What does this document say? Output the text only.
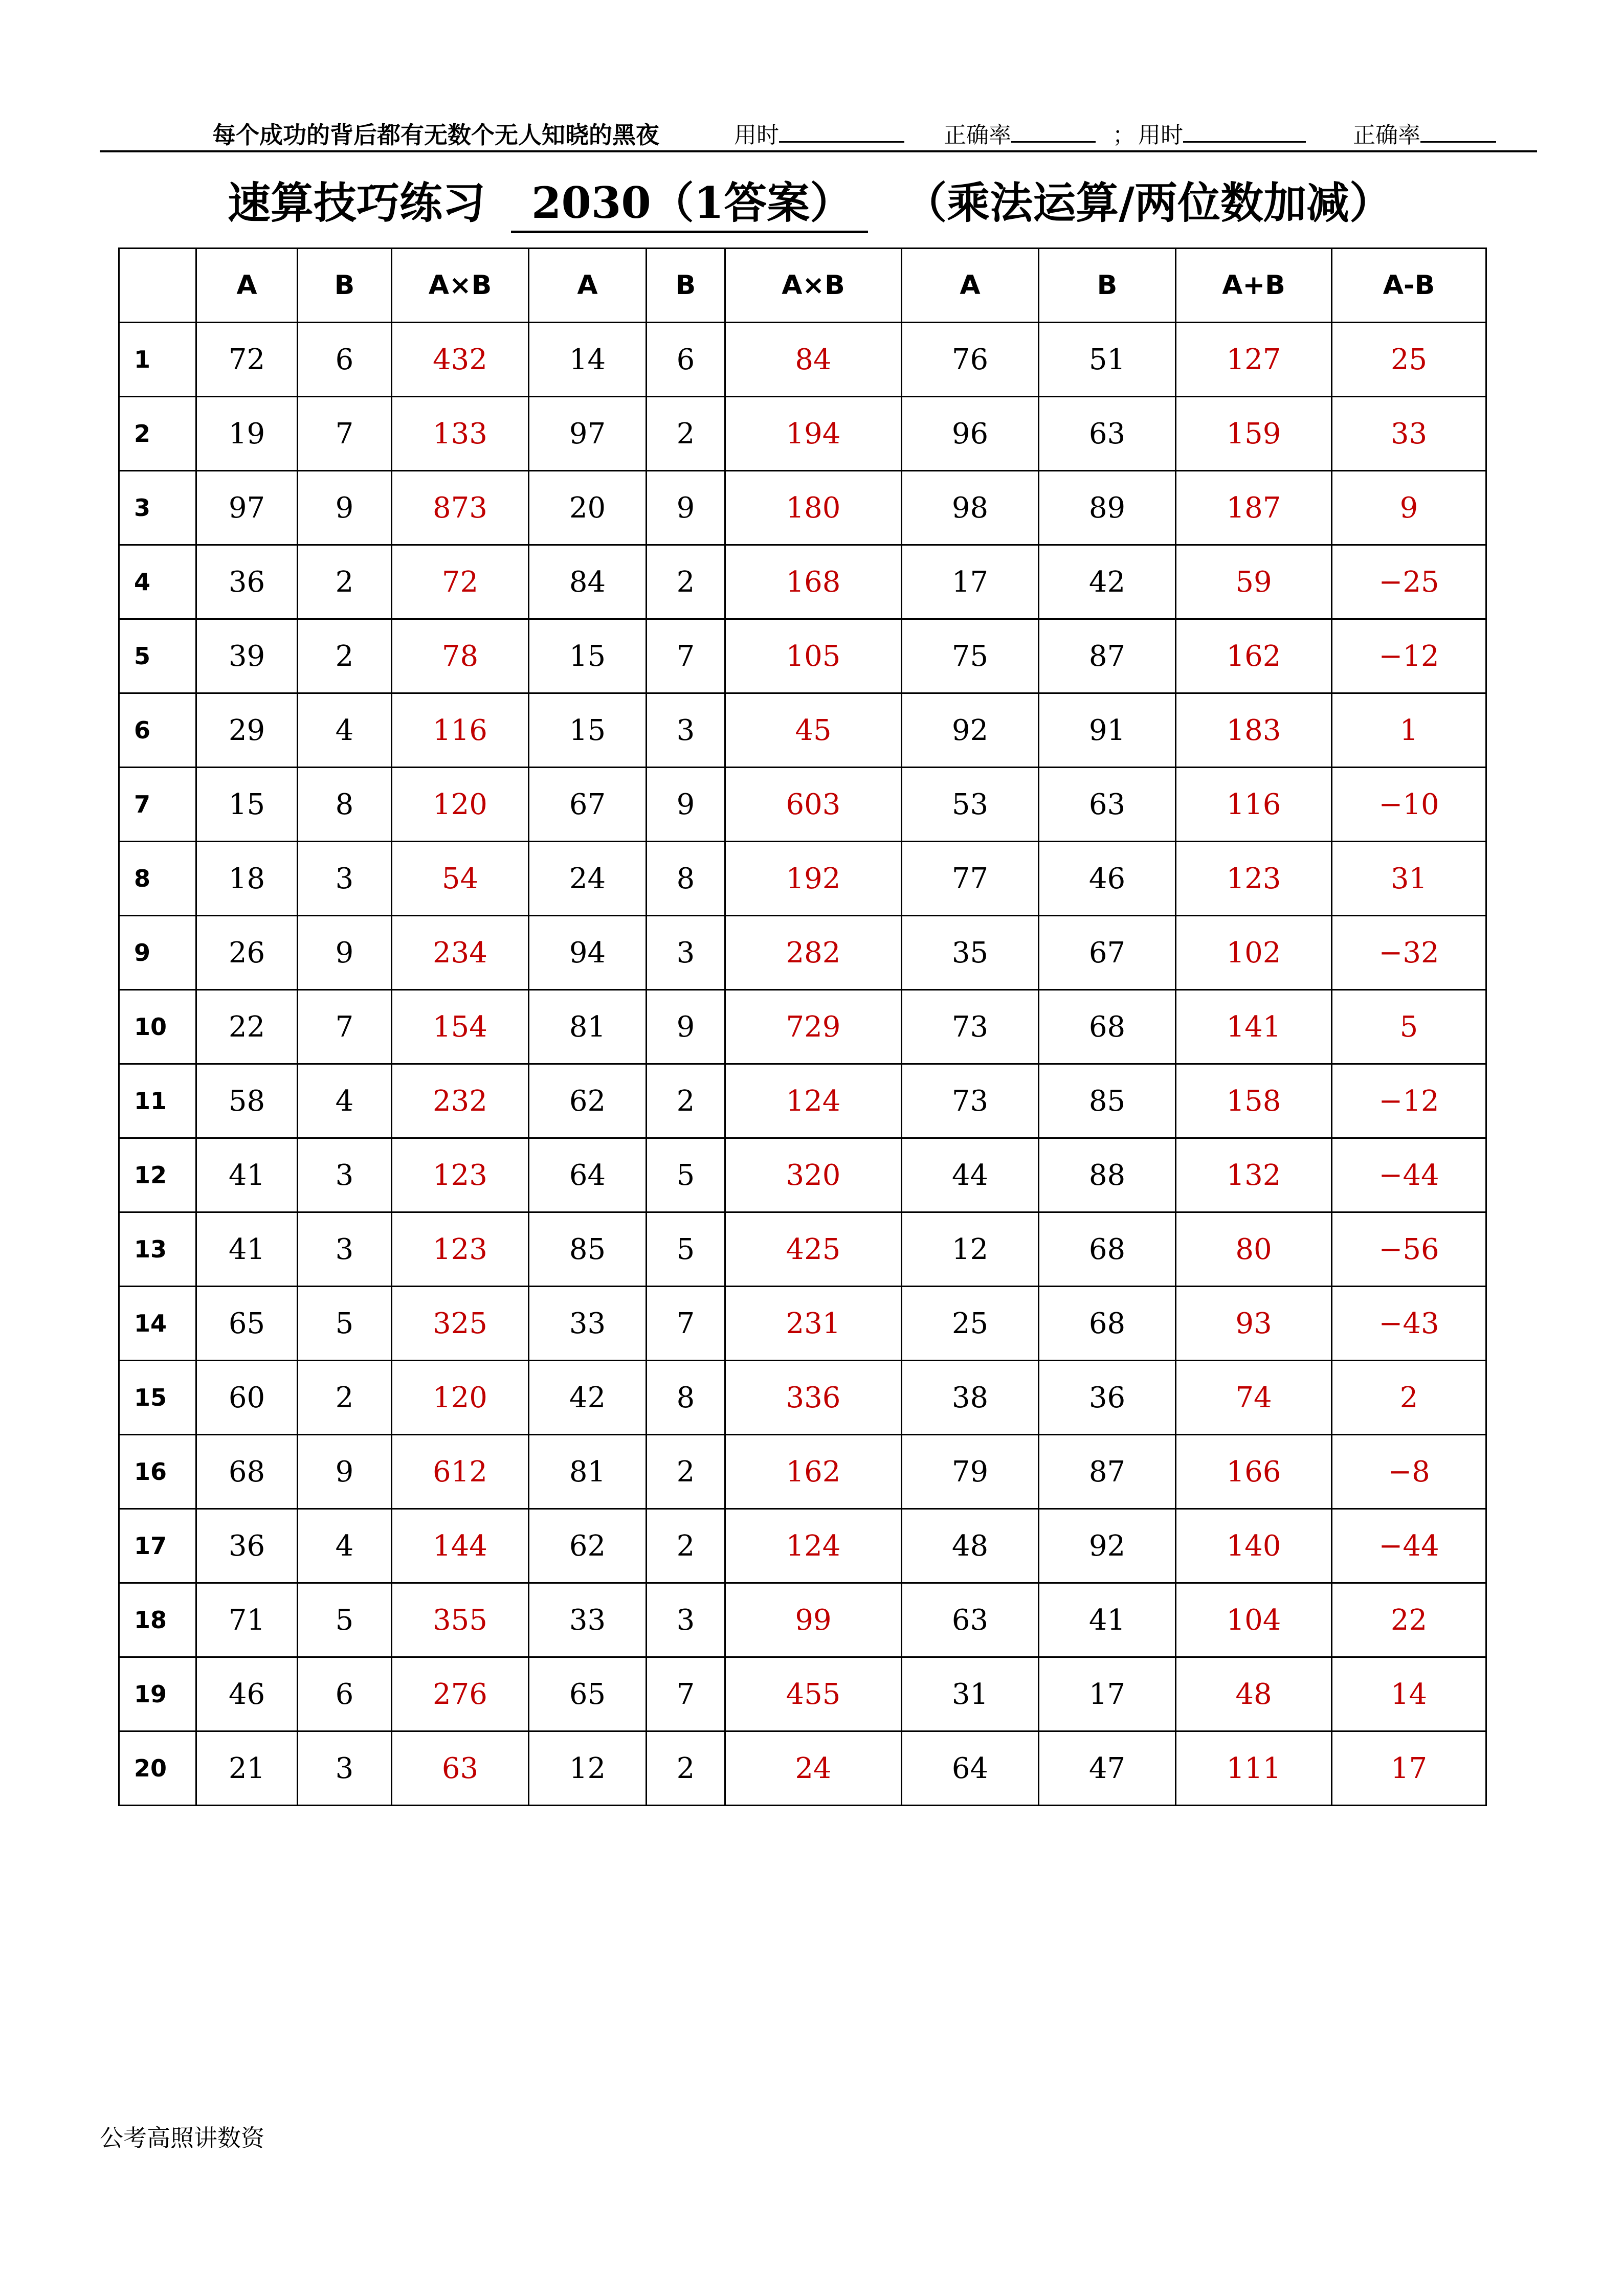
每个成功的背后都有无数个无人知晓的黑夜	用时	正确率	； 用时	正确率
速算技巧练习 2030（1答案） （乘法运算/两位数加减）
	A	B	A×B	A	B	A×B	A	B	A+B	A-B
1	72	6	432	14	6	84	76	51	127	25
2	19	7	133	97	2	194	96	63	159	33
3	97	9	873	20	9	180	98	89	187	9
4	36	2	72	84	2	168	17	42	59	−25
5	39	2	78	15	7	105	75	87	162	−12
6	29	4	116	15	3	45	92	91	183	1
7	15	8	120	67	9	603	53	63	116	−10
8	18	3	54	24	8	192	77	46	123	31
9	26	9	234	94	3	282	35	67	102	−32
10	22	7	154	81	9	729	73	68	141	5
11	58	4	232	62	2	124	73	85	158	−12
12	41	3	123	64	5	320	44	88	132	−44
13	41	3	123	85	5	425	12	68	80	−56
14	65	5	325	33	7	231	25	68	93	−43
15	60	2	120	42	8	336	38	36	74	2
16	68	9	612	81	2	162	79	87	166	−8
17	36	4	144	62	2	124	48	92	140	−44
18	71	5	355	33	3	99	63	41	104	22
19	46	6	276	65	7	455	31	17	48	14
20	21	3	63	12	2	24	64	47	111	17
公考高照讲数资
